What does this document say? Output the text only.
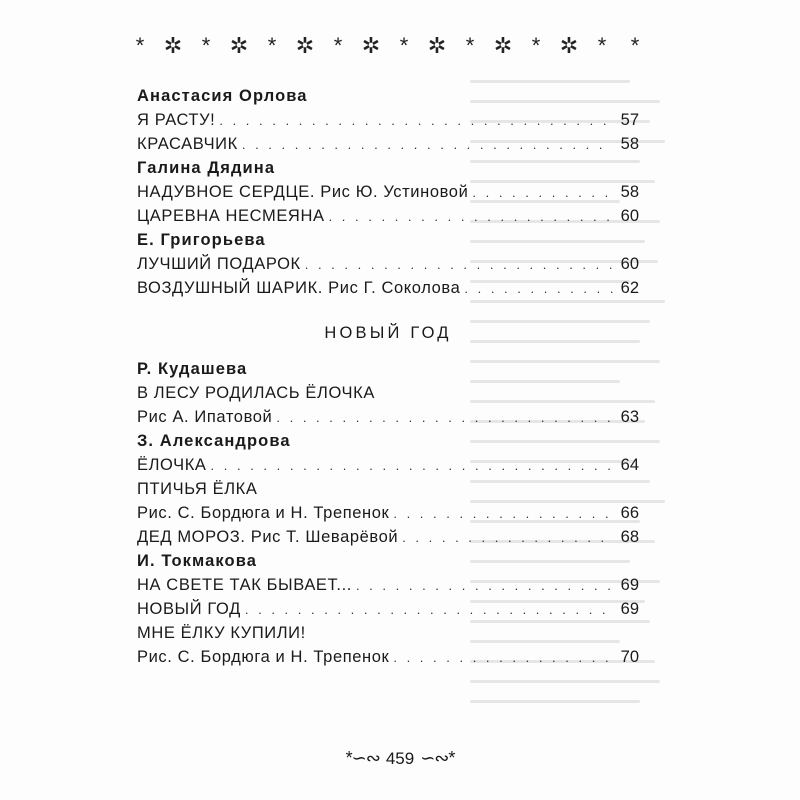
* ✲ * ✲ * ✲ * ✲ * ✲ * ✲ * ✲ * *
Анастасия Орлова
Я РАСТУ! . . .	57
КРАСАВЧИК . . .	58
Галина Дядина
НАДУВНОЕ СЕРДЦЕ. Рис Ю. Устиновой . . .	58
ЦАРЕВНА НЕСМЕЯНА . . .	60
Е. Григорьева
ЛУЧШИЙ ПОДАРОК . . .	60
ВОЗДУШНЫЙ ШАРИК. Рис Г. Соколова . . .	62
НОВЫЙ ГОД
Р. Кудашева
В ЛЕСУ РОДИЛАСЬ ЁЛОЧКА
Рис А. Ипатовой . . .	63
З. Александрова
ЁЛОЧКА . . .	64
ПТИЧЬЯ ЁЛКА
Рис. С. Бордюга и Н. Трепенок . . .	66
ДЕД МОРОЗ. Рис Т. Шеварёвой . . .	68
И. Токмакова
НА СВЕТЕ ТАК БЫВАЕТ... . . .	69
НОВЫЙ ГОД . . .	69
МНЕ ЁЛКУ КУПИЛИ!
Рис. С. Бордюга и Н. Трепенок . . .	70
*∽∾ 459 ∽∾*
